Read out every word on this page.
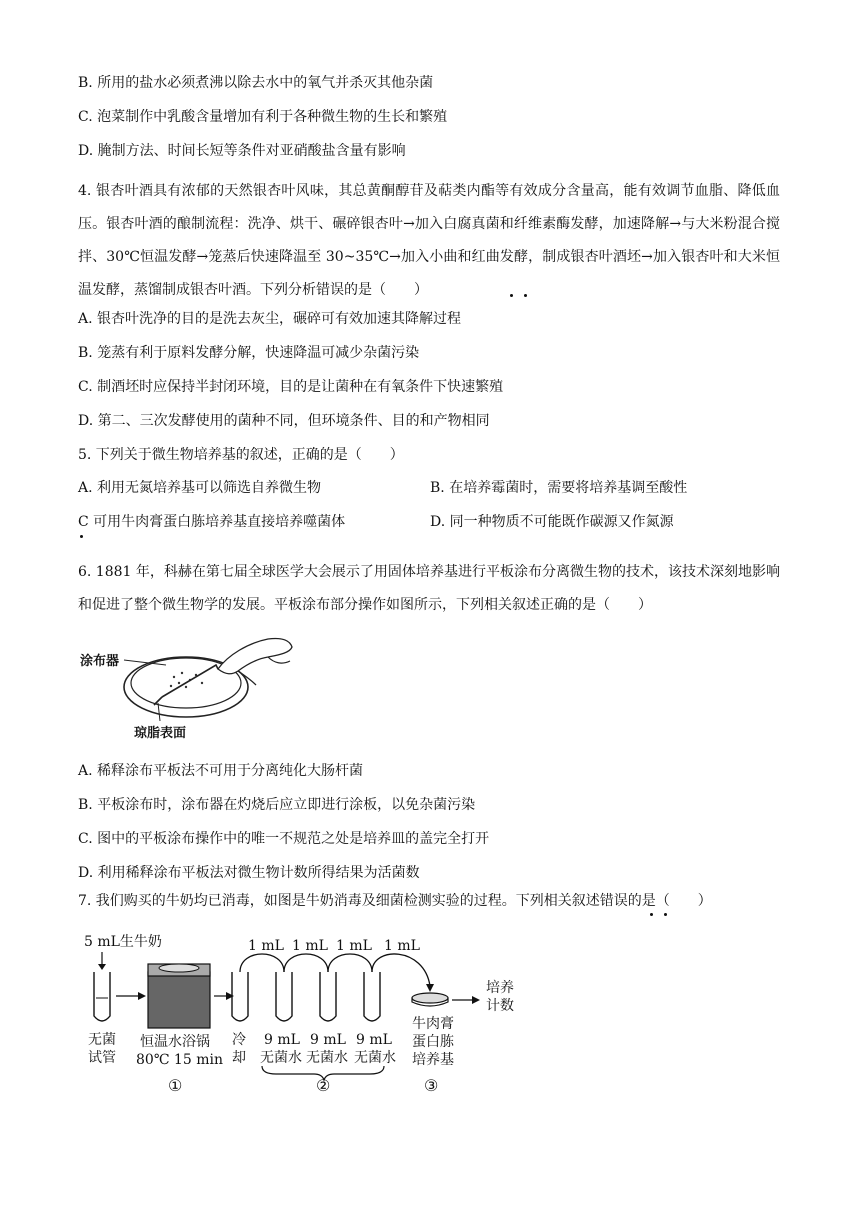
B. 所用的盐水必须煮沸以除去水中的氧气并杀灭其他杂菌
C. 泡菜制作中乳酸含量增加有利于各种微生物的生长和繁殖
D. 腌制方法、时间长短等条件对亚硝酸盐含量有影响
4. 银杏叶酒具有浓郁的天然银杏叶风味，其总黄酮醇苷及萜类内酯等有效成分含量高，能有效调节血脂、降低血压。银杏叶酒的酿制流程：洗净、烘干、碾碎银杏叶→加入白腐真菌和纤维素酶发酵，加速降解→与大米粉混合搅拌、30℃恒温发酵→笼蒸后快速降温至 30~35℃→加入小曲和红曲发酵，制成银杏叶酒坯→加入银杏叶和大米恒温发酵，蒸馏制成银杏叶酒。下列分析错误的是（　　）
A. 银杏叶洗净的目的是洗去灰尘，碾碎可有效加速其降解过程
B. 笼蒸有利于原料发酵分解，快速降温可减少杂菌污染
C. 制酒坯时应保持半封闭环境，目的是让菌种在有氧条件下快速繁殖
D. 第二、三次发酵使用的菌种不同，但环境条件、目的和产物相同
5. 下列关于微生物培养基的叙述，正确的是（　　）
A. 利用无氮培养基可以筛选自养微生物	B. 在培养霉菌时，需要将培养基调至酸性
C 可用牛肉膏蛋白胨培养基直接培养噬菌体	D. 同一种物质不可能既作碳源又作氮源
6. 1881 年，科赫在第七届全球医学大会展示了用固体培养基进行平板涂布分离微生物的技术，该技术深刻地影响和促进了整个微生物学的发展。平板涂布部分操作如图所示，下列相关叙述正确的是（　　）
涂布器
琼脂表面
A. 稀释涂布平板法不可用于分离纯化大肠杆菌
B. 平板涂布时，涂布器在灼烧后应立即进行涂板，以免杂菌污染
C. 图中的平板涂布操作中的唯一不规范之处是培养皿的盖完全打开
D. 利用稀释涂布平板法对微生物计数所得结果为活菌数
7. 我们购买的牛奶均已消毒，如图是牛奶消毒及细菌检测实验的过程。下列相关叙述错误的是（　　）
5 mL生牛奶
无菌
试管
恒温水浴锅
80℃ 15 min
①
冷
却
1 mL 1 mL 1 mL 1 mL
9 mL 9 mL 9 mL
无菌水 无菌水 无菌水
②
牛肉膏
蛋白胨
培养基
③
培养
计数
